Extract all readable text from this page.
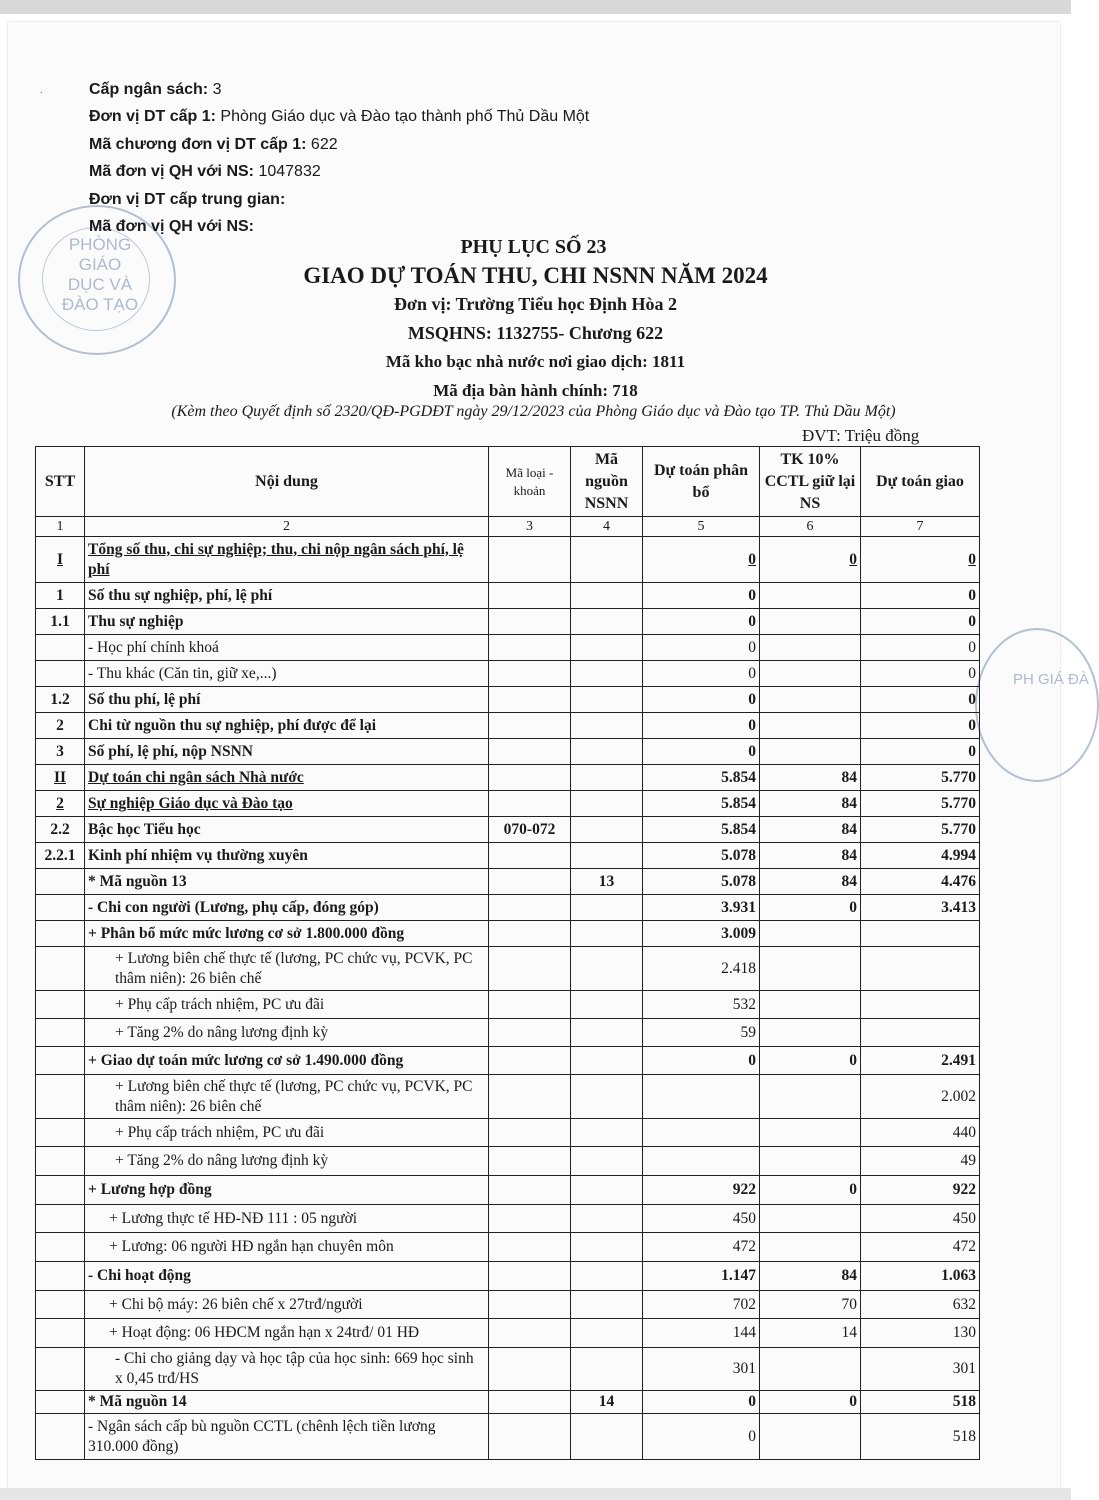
PHÒNG GIÁO DỤC VÀ ĐÀO TẠO
PH GIÁ ĐÀ
.	Cấp ngân sách: 3
Đơn vị DT cấp 1: Phòng Giáo dục và Đào tạo thành phố Thủ Dầu Một
Mã chương đơn vị DT cấp 1: 622
Mã đơn vị QH với NS: 1047832
Đơn vị DT cấp trung gian:
Mã đơn vị QH với NS:
PHỤ LỤC SỐ 23
GIAO DỰ TOÁN THU, CHI NSNN NĂM 2024
Đơn vị: Trường Tiểu học Định Hòa 2
MSQHNS: 1132755- Chương 622
Mã kho bạc nhà nước nơi giao dịch: 1811
Mã địa bàn hành chính: 718
(Kèm theo Quyết định số 2320/QĐ-PGDĐT ngày 29/12/2023 của Phòng Giáo dục và Đào tạo TP. Thủ Dầu Một)
ĐVT: Triệu đồng
STT	Nội dung	Mã loại - khoản	Mã nguồn NSNN	Dự toán phân bổ	TK 10% CCTL giữ lại NS	Dự toán giao
1	2	3	4	5	6	7
I	Tổng số thu, chi sự nghiệp; thu, chi nộp ngân sách phí, lệ phí			0	0	0
1	Số thu sự nghiệp, phí, lệ phí			0		0
1.1	Thu sự nghiệp			0		0
	- Học phí chính khoá			0		0
	- Thu khác (Căn tin, giữ xe,...)			0		0
1.2	Số thu phí, lệ phí			0		0
2	Chi từ nguồn thu sự nghiệp, phí được để lại			0		0
3	Số phí, lệ phí, nộp NSNN			0		0
II	Dự toán chi ngân sách Nhà nước			5.854	84	5.770
2	Sự nghiệp Giáo dục và Đào tạo			5.854	84	5.770
2.2	Bậc học Tiểu học	070-072		5.854	84	5.770
2.2.1	Kinh phí nhiệm vụ thường xuyên			5.078	84	4.994
	* Mã nguồn 13		13	5.078	84	4.476
	- Chi con người (Lương, phụ cấp, đóng góp)			3.931	0	3.413
	+ Phân bổ mức mức lương cơ sở 1.800.000 đồng			3.009		
	+ Lương biên chế thực tế (lương, PC chức vụ, PCVK, PC thâm niên): 26 biên chế			2.418		
	+ Phụ cấp trách nhiệm, PC ưu đãi			532		
	+ Tăng 2% do nâng lương định kỳ			59		
	+ Giao dự toán mức lương cơ sở 1.490.000 đồng			0	0	2.491
	+ Lương biên chế thực tế (lương, PC chức vụ, PCVK, PC thâm niên): 26 biên chế					2.002
	+ Phụ cấp trách nhiệm, PC ưu đãi					440
	+ Tăng 2% do nâng lương định kỳ					49
	+ Lương hợp đồng			922	0	922
	+ Lương thực tế HĐ-NĐ 111 : 05 người			450		450
	+ Lương: 06 người HĐ ngắn hạn chuyên môn			472		472
	- Chi hoạt động			1.147	84	1.063
	+ Chi bộ máy: 26 biên chế x 27trđ/người			702	70	632
	+ Hoạt động: 06 HĐCM ngắn hạn x 24trđ/ 01 HĐ			144	14	130
	- Chi cho giảng dạy và học tập của học sinh: 669 học sinh x 0,45 trđ/HS			301		301
	* Mã nguồn 14		14	0	0	518
	- Ngân sách cấp bù nguồn CCTL (chênh lệch tiền lương 310.000 đồng)			0		518
